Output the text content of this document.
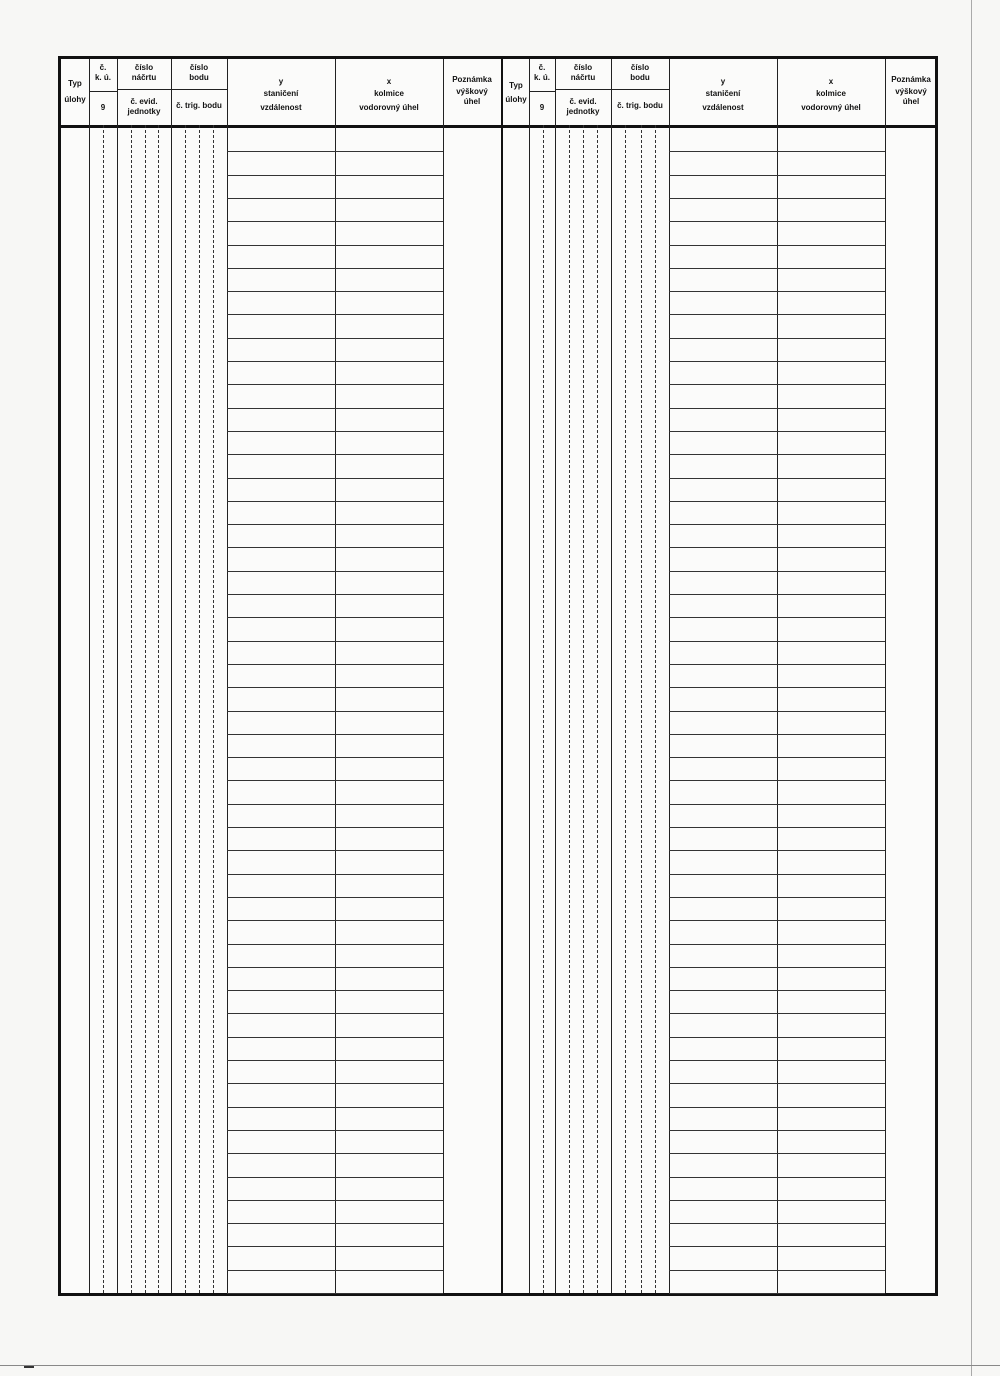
Typ
úlohy
č.
k. ú.
9
číslo
náčrtu
č. evid.
jednotky
číslo
bodu
č. trig. bodu
y
staničení
vzdálenost
x
kolmice
vodorovný úhel
Poznámka
výškový
úhel
Typ
úlohy
č.
k. ú.
9
číslo
náčrtu
č. evid.
jednotky
číslo
bodu
č. trig. bodu
y
staničení
vzdálenost
x
kolmice
vodorovný úhel
Poznámka
výškový
úhel
